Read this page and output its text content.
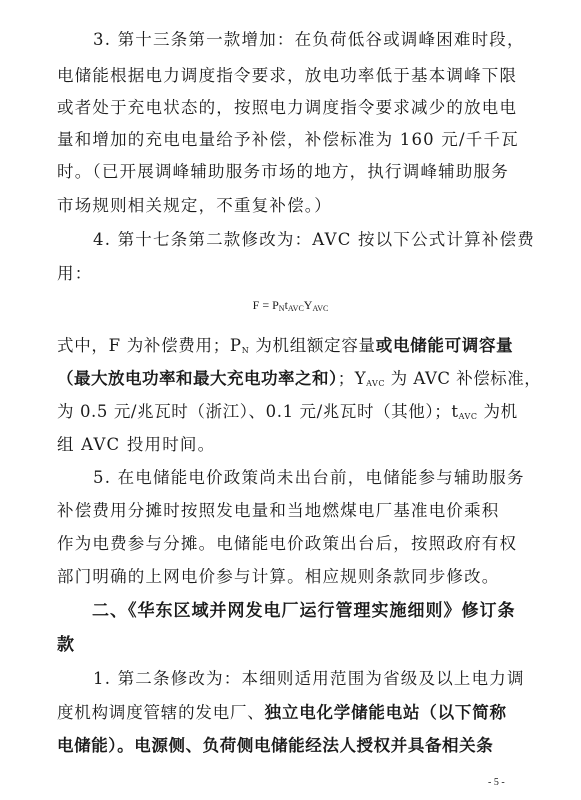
3. 第十三条第一款增加：在负荷低谷或调峰困难时段，
电储能根据电力调度指令要求，放电功率低于基本调峰下限
或者处于充电状态的，按照电力调度指令要求减少的放电电
量和增加的充电电量给予补偿，补偿标准为 160 元/千千瓦
时。（已开展调峰辅助服务市场的地方，执行调峰辅助服务
市场规则相关规定，不重复补偿。）
4. 第十七条第二款修改为：AVC 按以下公式计算补偿费
用：
$F = P_Nt_{AVC}Y_{AVC}$
式中，F 为补偿费用；$P_N$ 为机组额定容量或电储能可调容量
（最大放电功率和最大充电功率之和）；$Y_{AVC}$ 为 AVC 补偿标准，
为 0.5 元/兆瓦时（浙江）、0.1 元/兆瓦时（其他）；$t_{AVC}$ 为机
组 AVC 投用时间。
5. 在电储能电价政策尚未出台前，电储能参与辅助服务
补偿费用分摊时按照发电量和当地燃煤电厂基准电价乘积
作为电费参与分摊。电储能电价政策出台后，按照政府有权
部门明确的上网电价参与计算。相应规则条款同步修改。
二、《华东区域并网发电厂运行管理实施细则》修订条
款
1. 第二条修改为：本细则适用范围为省级及以上电力调
度机构调度管辖的发电厂、独立电化学储能电站（以下简称
电储能）。电源侧、负荷侧电储能经法人授权并具备相关条
- 5 -
